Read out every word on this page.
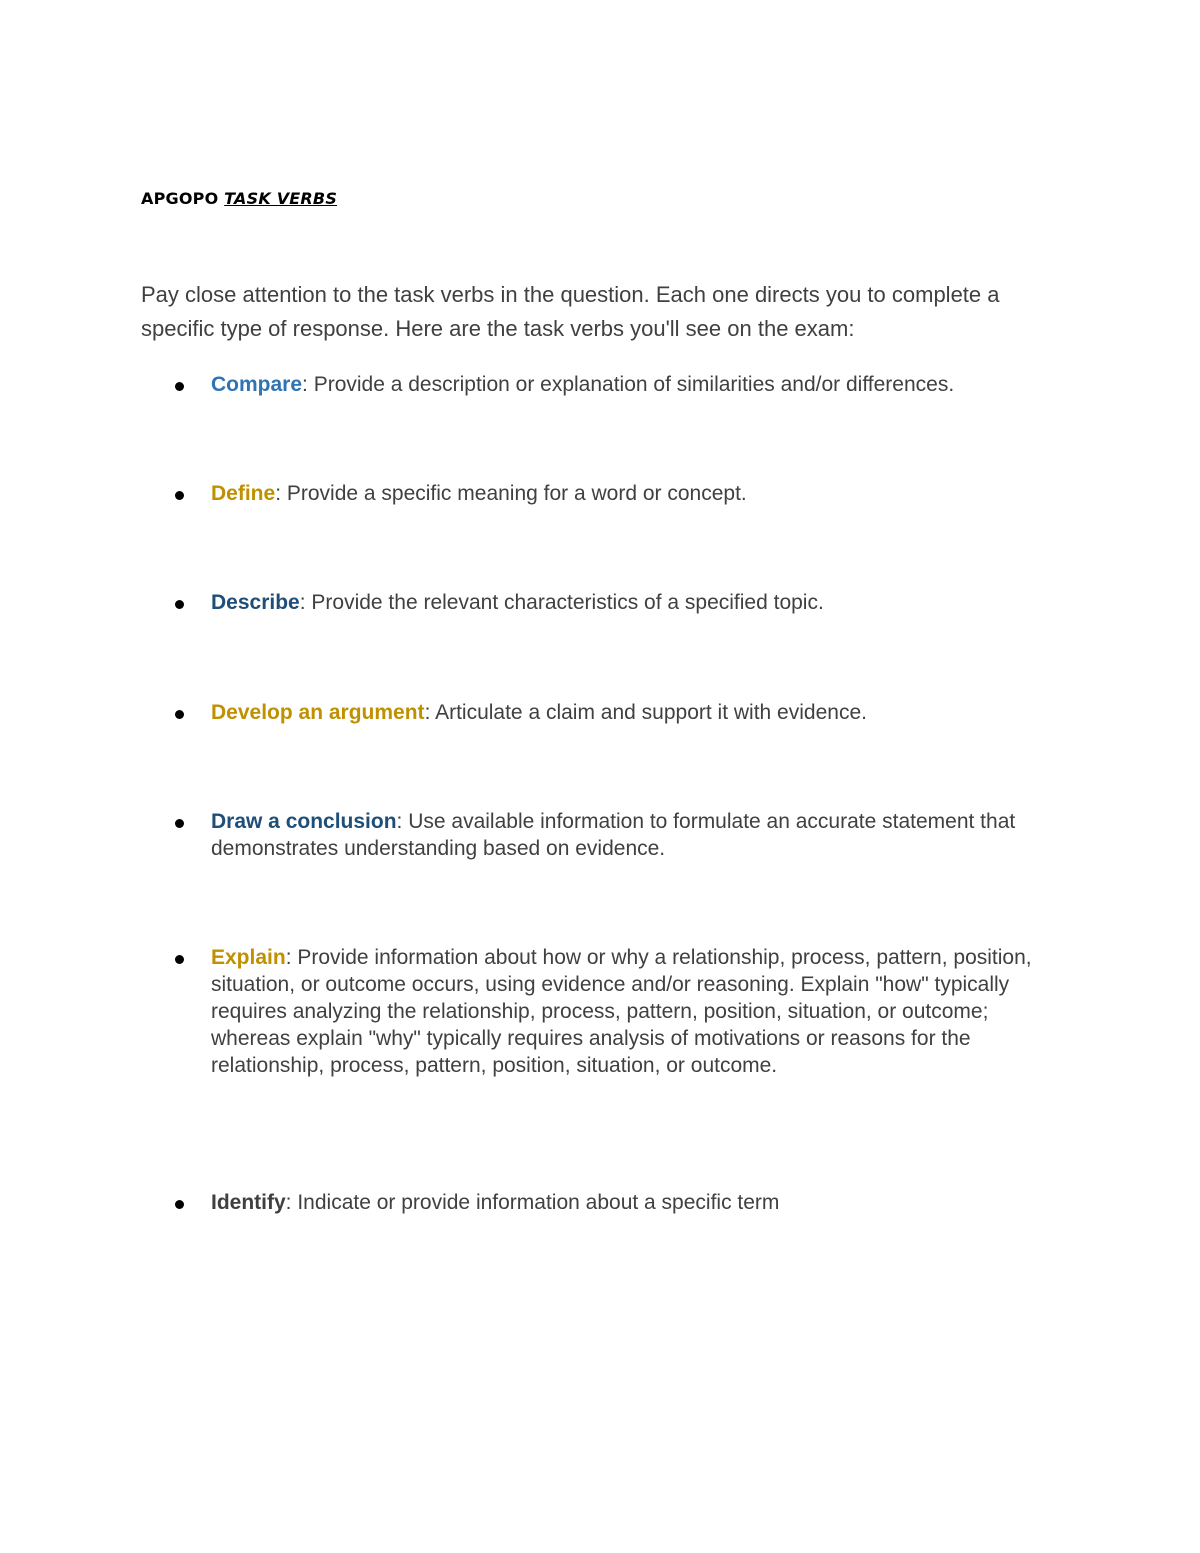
APGOPO TASK VERBS

Pay close attention to the task verbs in the question. Each one directs you to complete a specific type of response. Here are the task verbs you'll see on the exam:

Compare: Provide a description or explanation of similarities and/or differences.
Define: Provide a specific meaning for a word or concept.
Describe: Provide the relevant characteristics of a specified topic.
Develop an argument: Articulate a claim and support it with evidence.
Draw a conclusion: Use available information to formulate an accurate statement that demonstrates understanding based on evidence.
Explain: Provide information about how or why a relationship, process, pattern, position, situation, or outcome occurs, using evidence and/or reasoning. Explain "how" typically requires analyzing the relationship, process, pattern, position, situation, or outcome; whereas explain "why" typically requires analysis of motivations or reasons for the relationship, process, pattern, position, situation, or outcome.
Identify: Indicate or provide information about a specific term
